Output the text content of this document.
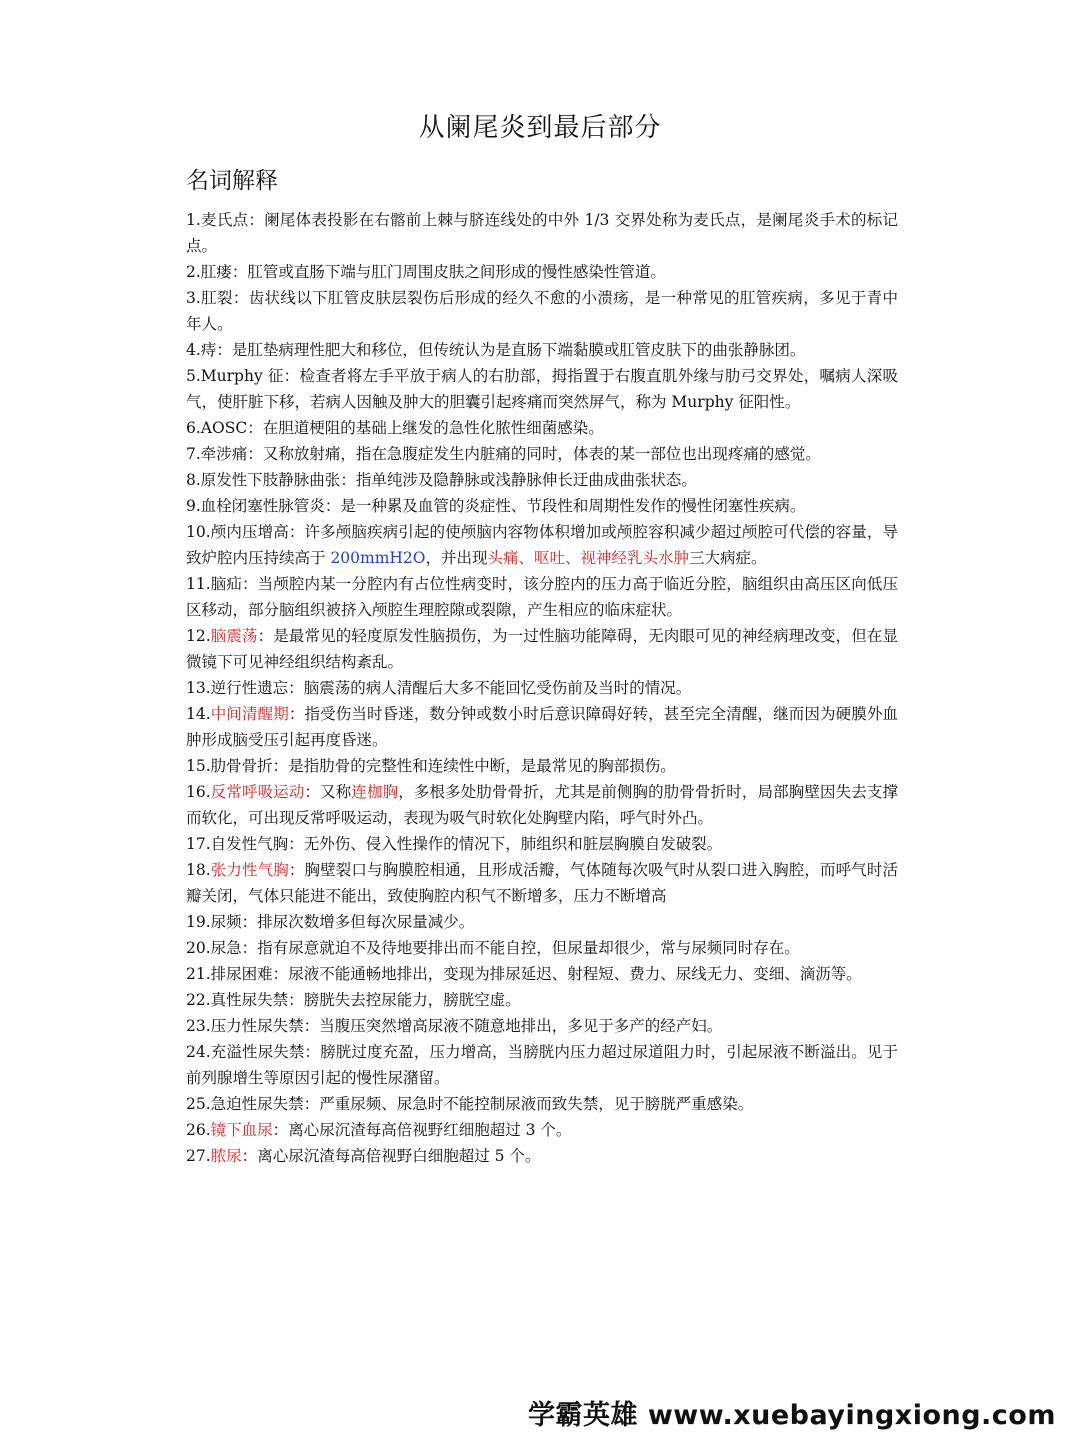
从阑尾炎到最后部分
名词解释

1.麦氏点：阑尾体表投影在右髂前上棘与脐连线处的中外 1/3 交界处称为麦氏点，是阑尾炎手术的标记点。

2.肛瘘：肛管或直肠下端与肛门周围皮肤之间形成的慢性感染性管道。

3.肛裂：齿状线以下肛管皮肤层裂伤后形成的经久不愈的小溃疡，是一种常见的肛管疾病，多见于青中年人。

4.痔：是肛垫病理性肥大和移位，但传统认为是直肠下端黏膜或肛管皮肤下的曲张静脉团。

5.Murphy 征：检查者将左手平放于病人的右肋部，拇指置于右腹直肌外缘与肋弓交界处，嘱病人深吸气，使肝脏下移，若病人因触及肿大的胆囊引起疼痛而突然屏气，称为 Murphy 征阳性。

6.AOSC：在胆道梗阻的基础上继发的急性化脓性细菌感染。

7.牵涉痛：又称放射痛，指在急腹症发生内脏痛的同时，体表的某一部位也出现疼痛的感觉。

8.原发性下肢静脉曲张：指单纯涉及隐静脉或浅静脉伸长迂曲成曲张状态。

9.血栓闭塞性脉管炎：是一种累及血管的炎症性、节段性和周期性发作的慢性闭塞性疾病。

10.颅内压增高：许多颅脑疾病引起的使颅脑内容物体积增加或颅腔容积减少超过颅腔可代偿的容量，导致炉腔内压持续高于 200mmH2O，并出现头痛、呕吐、视神经乳头水肿三大病症。

11.脑疝：当颅腔内某一分腔内有占位性病变时，该分腔内的压力高于临近分腔，脑组织由高压区向低压区移动，部分脑组织被挤入颅腔生理腔隙或裂隙，产生相应的临床症状。

12.脑震荡：是最常见的轻度原发性脑损伤，为一过性脑功能障碍，无肉眼可见的神经病理改变，但在显微镜下可见神经组织结构紊乱。

13.逆行性遗忘：脑震荡的病人清醒后大多不能回忆受伤前及当时的情况。

14.中间清醒期：指受伤当时昏迷，数分钟或数小时后意识障碍好转，甚至完全清醒，继而因为硬膜外血肿形成脑受压引起再度昏迷。

15.肋骨骨折：是指肋骨的完整性和连续性中断，是最常见的胸部损伤。

16.反常呼吸运动：又称连枷胸，多根多处肋骨骨折，尤其是前侧胸的肋骨骨折时，局部胸壁因失去支撑而软化，可出现反常呼吸运动，表现为吸气时软化处胸壁内陷，呼气时外凸。

17.自发性气胸：无外伤、侵入性操作的情况下，肺组织和脏层胸膜自发破裂。

18.张力性气胸：胸壁裂口与胸膜腔相通，且形成活瓣，气体随每次吸气时从裂口进入胸腔，而呼气时活瓣关闭，气体只能进不能出，致使胸腔内积气不断增多，压力不断增高

19.尿频：排尿次数增多但每次尿量减少。

20.尿急：指有尿意就迫不及待地要排出而不能自控，但尿量却很少，常与尿频同时存在。

21.排尿困难：尿液不能通畅地排出，变现为排尿延迟、射程短、费力、尿线无力、变细、滴沥等。

22.真性尿失禁：膀胱失去控尿能力，膀胱空虚。

23.压力性尿失禁：当腹压突然增高尿液不随意地排出，多见于多产的经产妇。

24.充溢性尿失禁：膀胱过度充盈，压力增高，当膀胱内压力超过尿道阻力时，引起尿液不断溢出。见于前列腺增生等原因引起的慢性尿潴留。

25.急迫性尿失禁：严重尿频、尿急时不能控制尿液而致失禁，见于膀胱严重感染。

26.镜下血尿：离心尿沉渣每高倍视野红细胞超过 3 个。

27.脓尿：离心尿沉渣每高倍视野白细胞超过 5 个。

学霸英雄 www.xuebayingxiong.com
